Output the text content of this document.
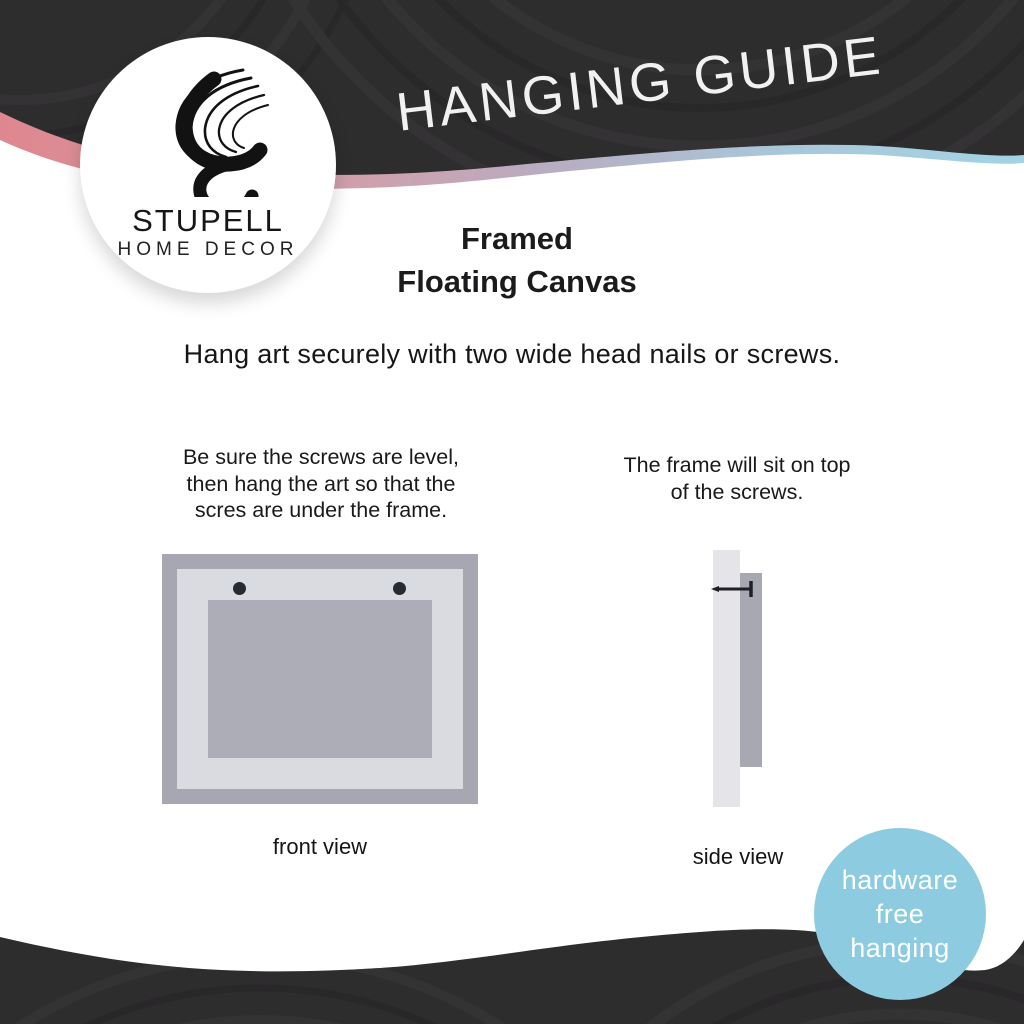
HANGING GUIDE
STUPELL
HOME DECOR	Framed
Floating Canvas
Hang art securely with two wide head nails or screws.
Be sure the screws are level,
then hang the art so that the
scres are under the frame.
front view
The frame will sit on top
of the screws.
side view
hardware
free
hanging
